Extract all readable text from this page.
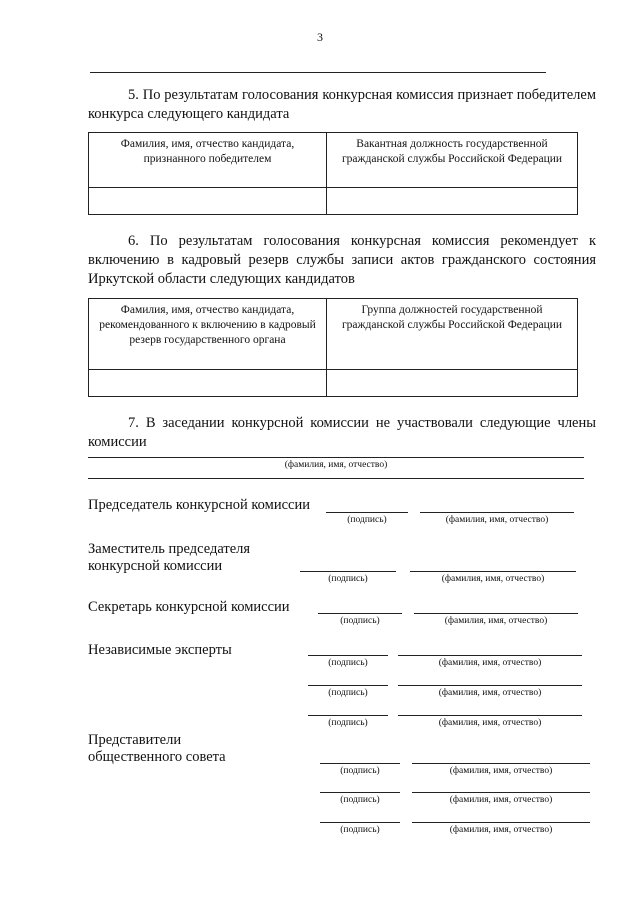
3
5. По результатам голосования конкурсная комиссия признает победителем конкурса следующего кандидата
Фамилия, имя, отчество кандидата, признанного победителем	Вакантная должность государственной гражданской службы Российской Федерации

6. По результатам голосования конкурсная комиссия рекомендует к включению в кадровый резерв службы записи актов гражданского состояния Иркутской области следующих кандидатов
Фамилия, имя, отчество кандидата, рекомендованного к включению в кадровый резерв государственного органа	Группа должностей государственной гражданской службы Российской Федерации

7. В заседании конкурсной комиссии не участвовали следующие члены комиссии
(фамилия, имя, отчество)
Председатель конкурсной комиссии
(подпись)	(фамилия, имя, отчество)
Заместитель председателя
конкурсной комиссии
(подпись)	(фамилия, имя, отчество)
Секретарь конкурсной комиссии
(подпись)	(фамилия, имя, отчество)
Независимые эксперты
(подпись)	(фамилия, имя, отчество)
(подпись)	(фамилия, имя, отчество)
(подпись)	(фамилия, имя, отчество)
Представители
общественного совета
(подпись)	(фамилия, имя, отчество)
(подпись)	(фамилия, имя, отчество)
(подпись)	(фамилия, имя, отчество)
